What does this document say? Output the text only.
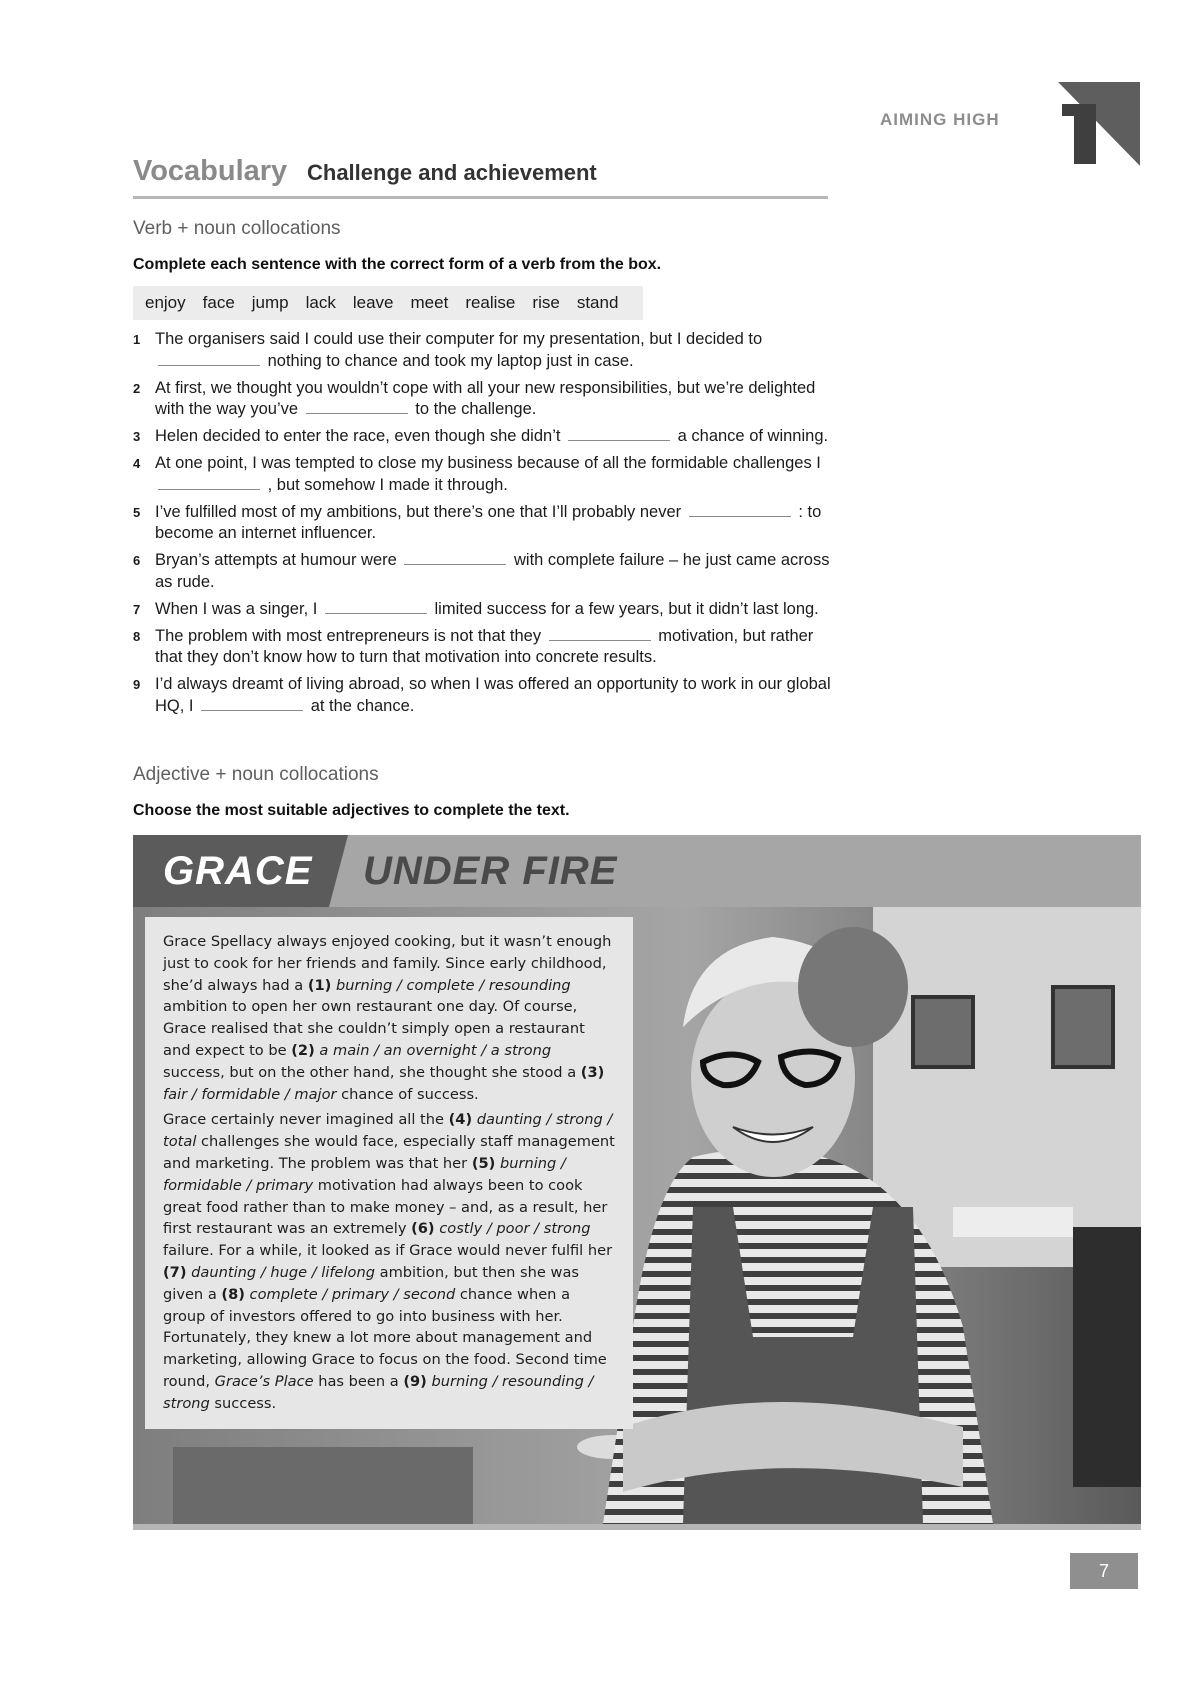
AIMING HIGH
Vocabulary Challenge and achievement
Verb + noun collocations
Complete each sentence with the correct form of a verb from the box.
enjoy face jump lack leave meet realise rise stand
1 The organisers said I could use their computer for my presentation, but I decided to  nothing to chance and took my laptop just in case.
2 At first, we thought you wouldn’t cope with all your new responsibilities, but we’re delighted with the way you’ve	to the challenge.
3 Helen decided to enter the race, even though she didn’t	a chance of winning.
4 At one point, I was tempted to close my business because of all the formidable challenges I  , but somehow I made it through.
5 I’ve fulfilled most of my ambitions, but there’s one that I’ll probably never	: to become an internet influencer.
6 Bryan’s attempts at humour were	with complete failure – he just came across as rude.
7 When I was a singer, I	limited success for a few years, but it didn’t last long.
8 The problem with most entrepreneurs is not that they	motivation, but rather that they don’t know how to turn that motivation into concrete results.
9 I’d always dreamt of living abroad, so when I was offered an opportunity to work in our global HQ, I	at the chance.
Adjective + noun collocations
Choose the most suitable adjectives to complete the text.
GRACE UNDER FIRE

Grace Spellacy always enjoyed cooking, but it wasn’t enough just to cook for her friends and family. Since early childhood, she’d always had a (1) burning / complete / resounding ambition to open her own restaurant one day. Of course, Grace realised that she couldn’t simply open a restaurant and expect to be (2) a main / an overnight / a strong success, but on the other hand, she thought she stood a (3) fair / formidable / major chance of success.

Grace certainly never imagined all the (4) daunting / strong / total challenges she would face, especially staff management and marketing. The problem was that her (5) burning / formidable / primary motivation had always been to cook great food rather than to make money – and, as a result, her first restaurant was an extremely (6) costly / poor / strong failure. For a while, it looked as if Grace would never fulfil her (7) daunting / huge / lifelong ambition, but then she was given a (8) complete / primary / second chance when a group of investors offered to go into business with her. Fortunately, they knew a lot more about management and marketing, allowing Grace to focus on the food. Second time round, Grace’s Place has been a (9) burning / resounding / strong success.

7
